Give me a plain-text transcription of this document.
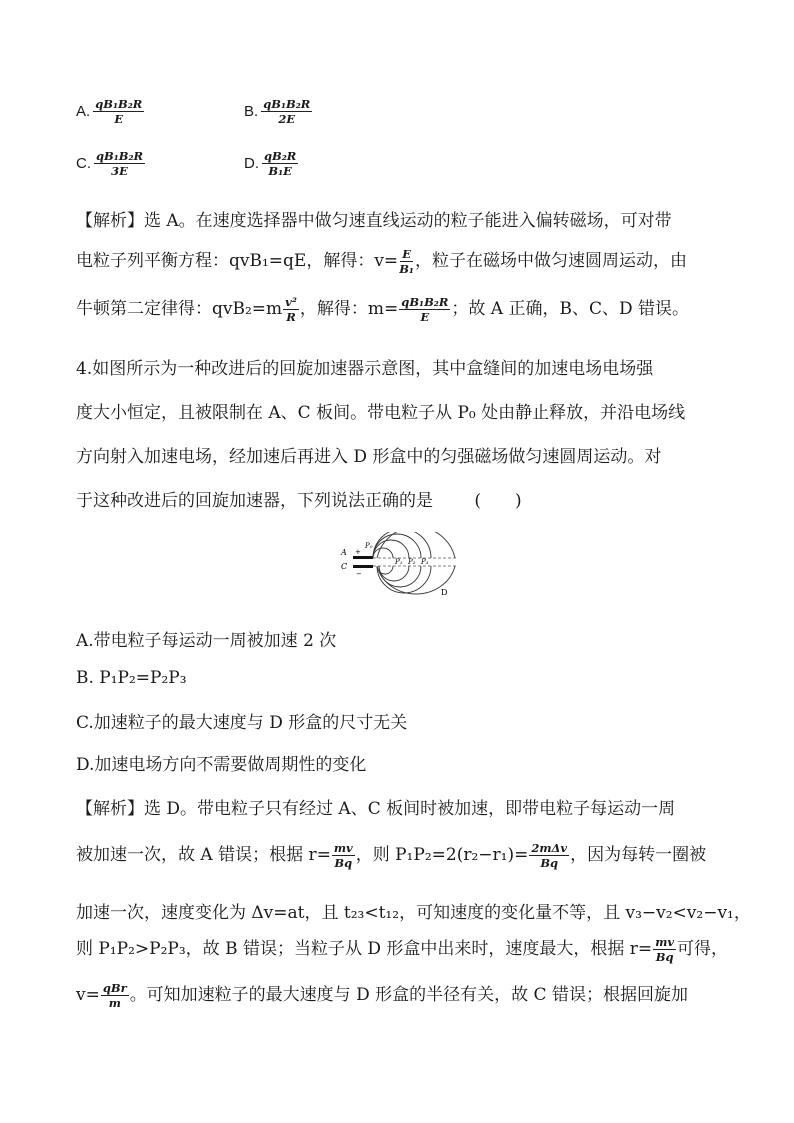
A. $\frac{\text{qB₁B₂R}}{E}$	B. $\frac{\text{qB₁B₂R}}{2E}$
C. $\frac{\text{qB₁B₂R}}{3E}$	D. $\frac{\text{qB₂R}}{\text{B₁E}}$
【解析】选 A。在速度选择器中做匀速直线运动的粒子能进入偏转磁场，可对带
电粒子列平衡方程：qvB₁=qE，解得：$v= \frac{E}{\text{B₁}}$ ，粒子在磁场中做匀速圆周运动，由
牛顿第二定律得：$qvB_2=m \frac{\text{v²}}{R}$ ，解得：$m= \frac{\text{qB₁B₂R}}{E}$ ；故 A 正确，B、C、D 错误。
4.如图所示为一种改进后的回旋加速器示意图，其中盒缝间的加速电场电场强
度大小恒定，且被限制在 A、C 板间。带电粒子从 P₀ 处由静止释放，并沿电场线
方向射入加速电场，经加速后再进入 D 形盒中的匀强磁场做匀速圆周运动。对
于这种改进后的回旋加速器，下列说法正确的是 (　　)
A
C
+
−
P₀
P₁ P₂ P₃
D
A.带电粒子每运动一周被加速 2 次
B. P₁P₂=P₂P₃
C.加速粒子的最大速度与 D 形盒的尺寸无关
D.加速电场方向不需要做周期性的变化
【解析】选 D。带电粒子只有经过 A、C 板间时被加速，即带电粒子每运动一周
被加速一次，故 A 错误；根据 $r= \frac{mv}{Bq}$ ，则 $P_1P_2=2(r_2-r_1)= \frac{\text{2mΔv}}{Bq}$ ，因为每转一圈被
加速一次，速度变化为 Δv=at，且 t₂₃<t₁₂，可知速度的变化量不等，且 v₃−v₂<v₂−v₁，
则 P₁P₂>P₂P₃，故 B 错误；当粒子从 D 形盒中出来时，速度最大，根据 $r= \frac{mv}{Bq}$ 可得，
$v= \frac{\text{qBr}}{m}$ 。可知加速粒子的最大速度与 D 形盒的半径有关，故 C 错误；根据回旋加
